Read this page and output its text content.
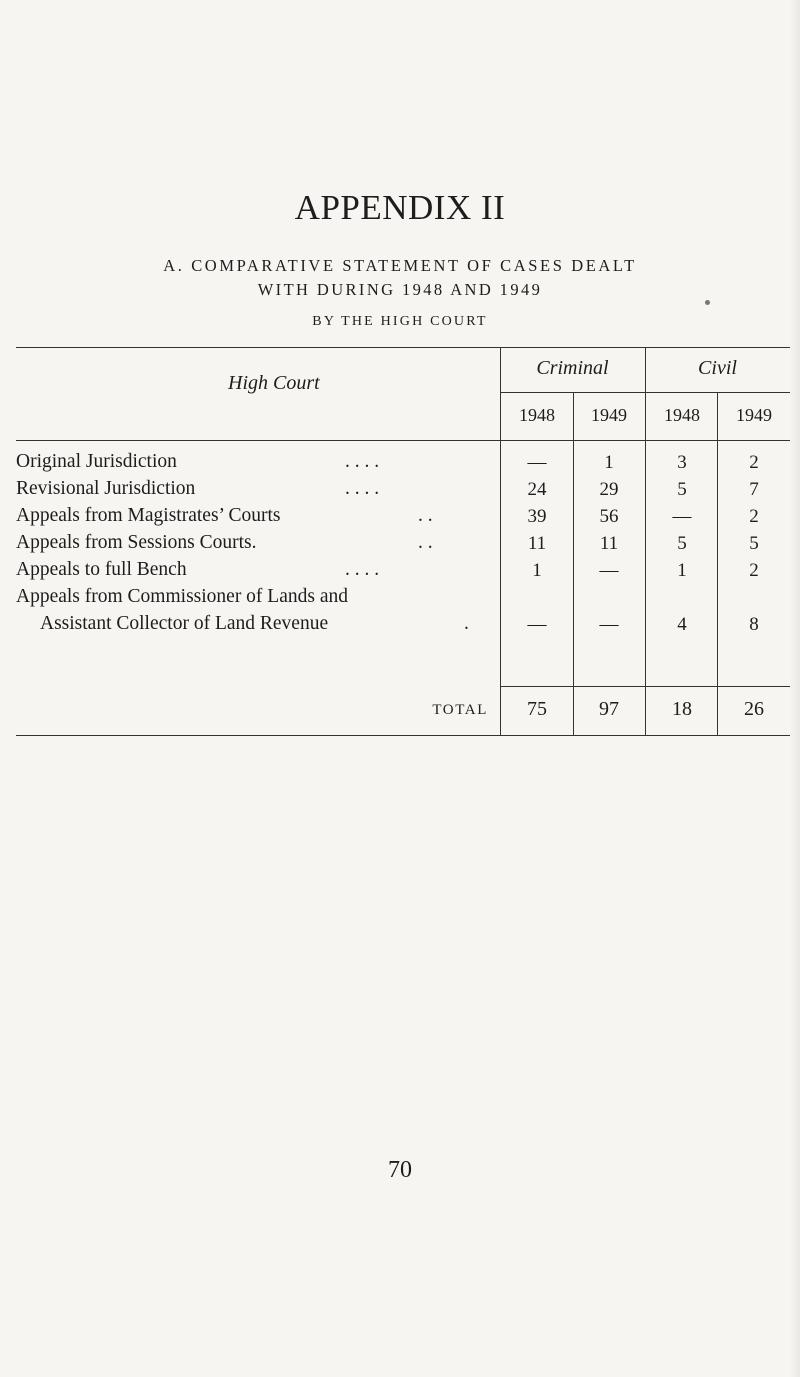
APPENDIX II
A. COMPARATIVE STATEMENT OF CASES DEALT
WITH DURING 1948 AND 1949
BY THE HIGH COURT
High Court
Criminal	Civil
1948	1949	1948	1949
Original Jurisdiction	. . . .	—	1	3	2
Revisional Jurisdiction	. . . .	24	29	5	7
Appeals from Magistrates’ Courts	. .	39	56	—	2
Appeals from Sessions Courts.	. .	11	11	5	5
Appeals to full Bench	. . . .	1	—	1	2
Appeals from Commissioner of Lands and
Assistant Collector of Land Revenue	.	—	—	4	8
TOTAL	75	97	18	26
70
